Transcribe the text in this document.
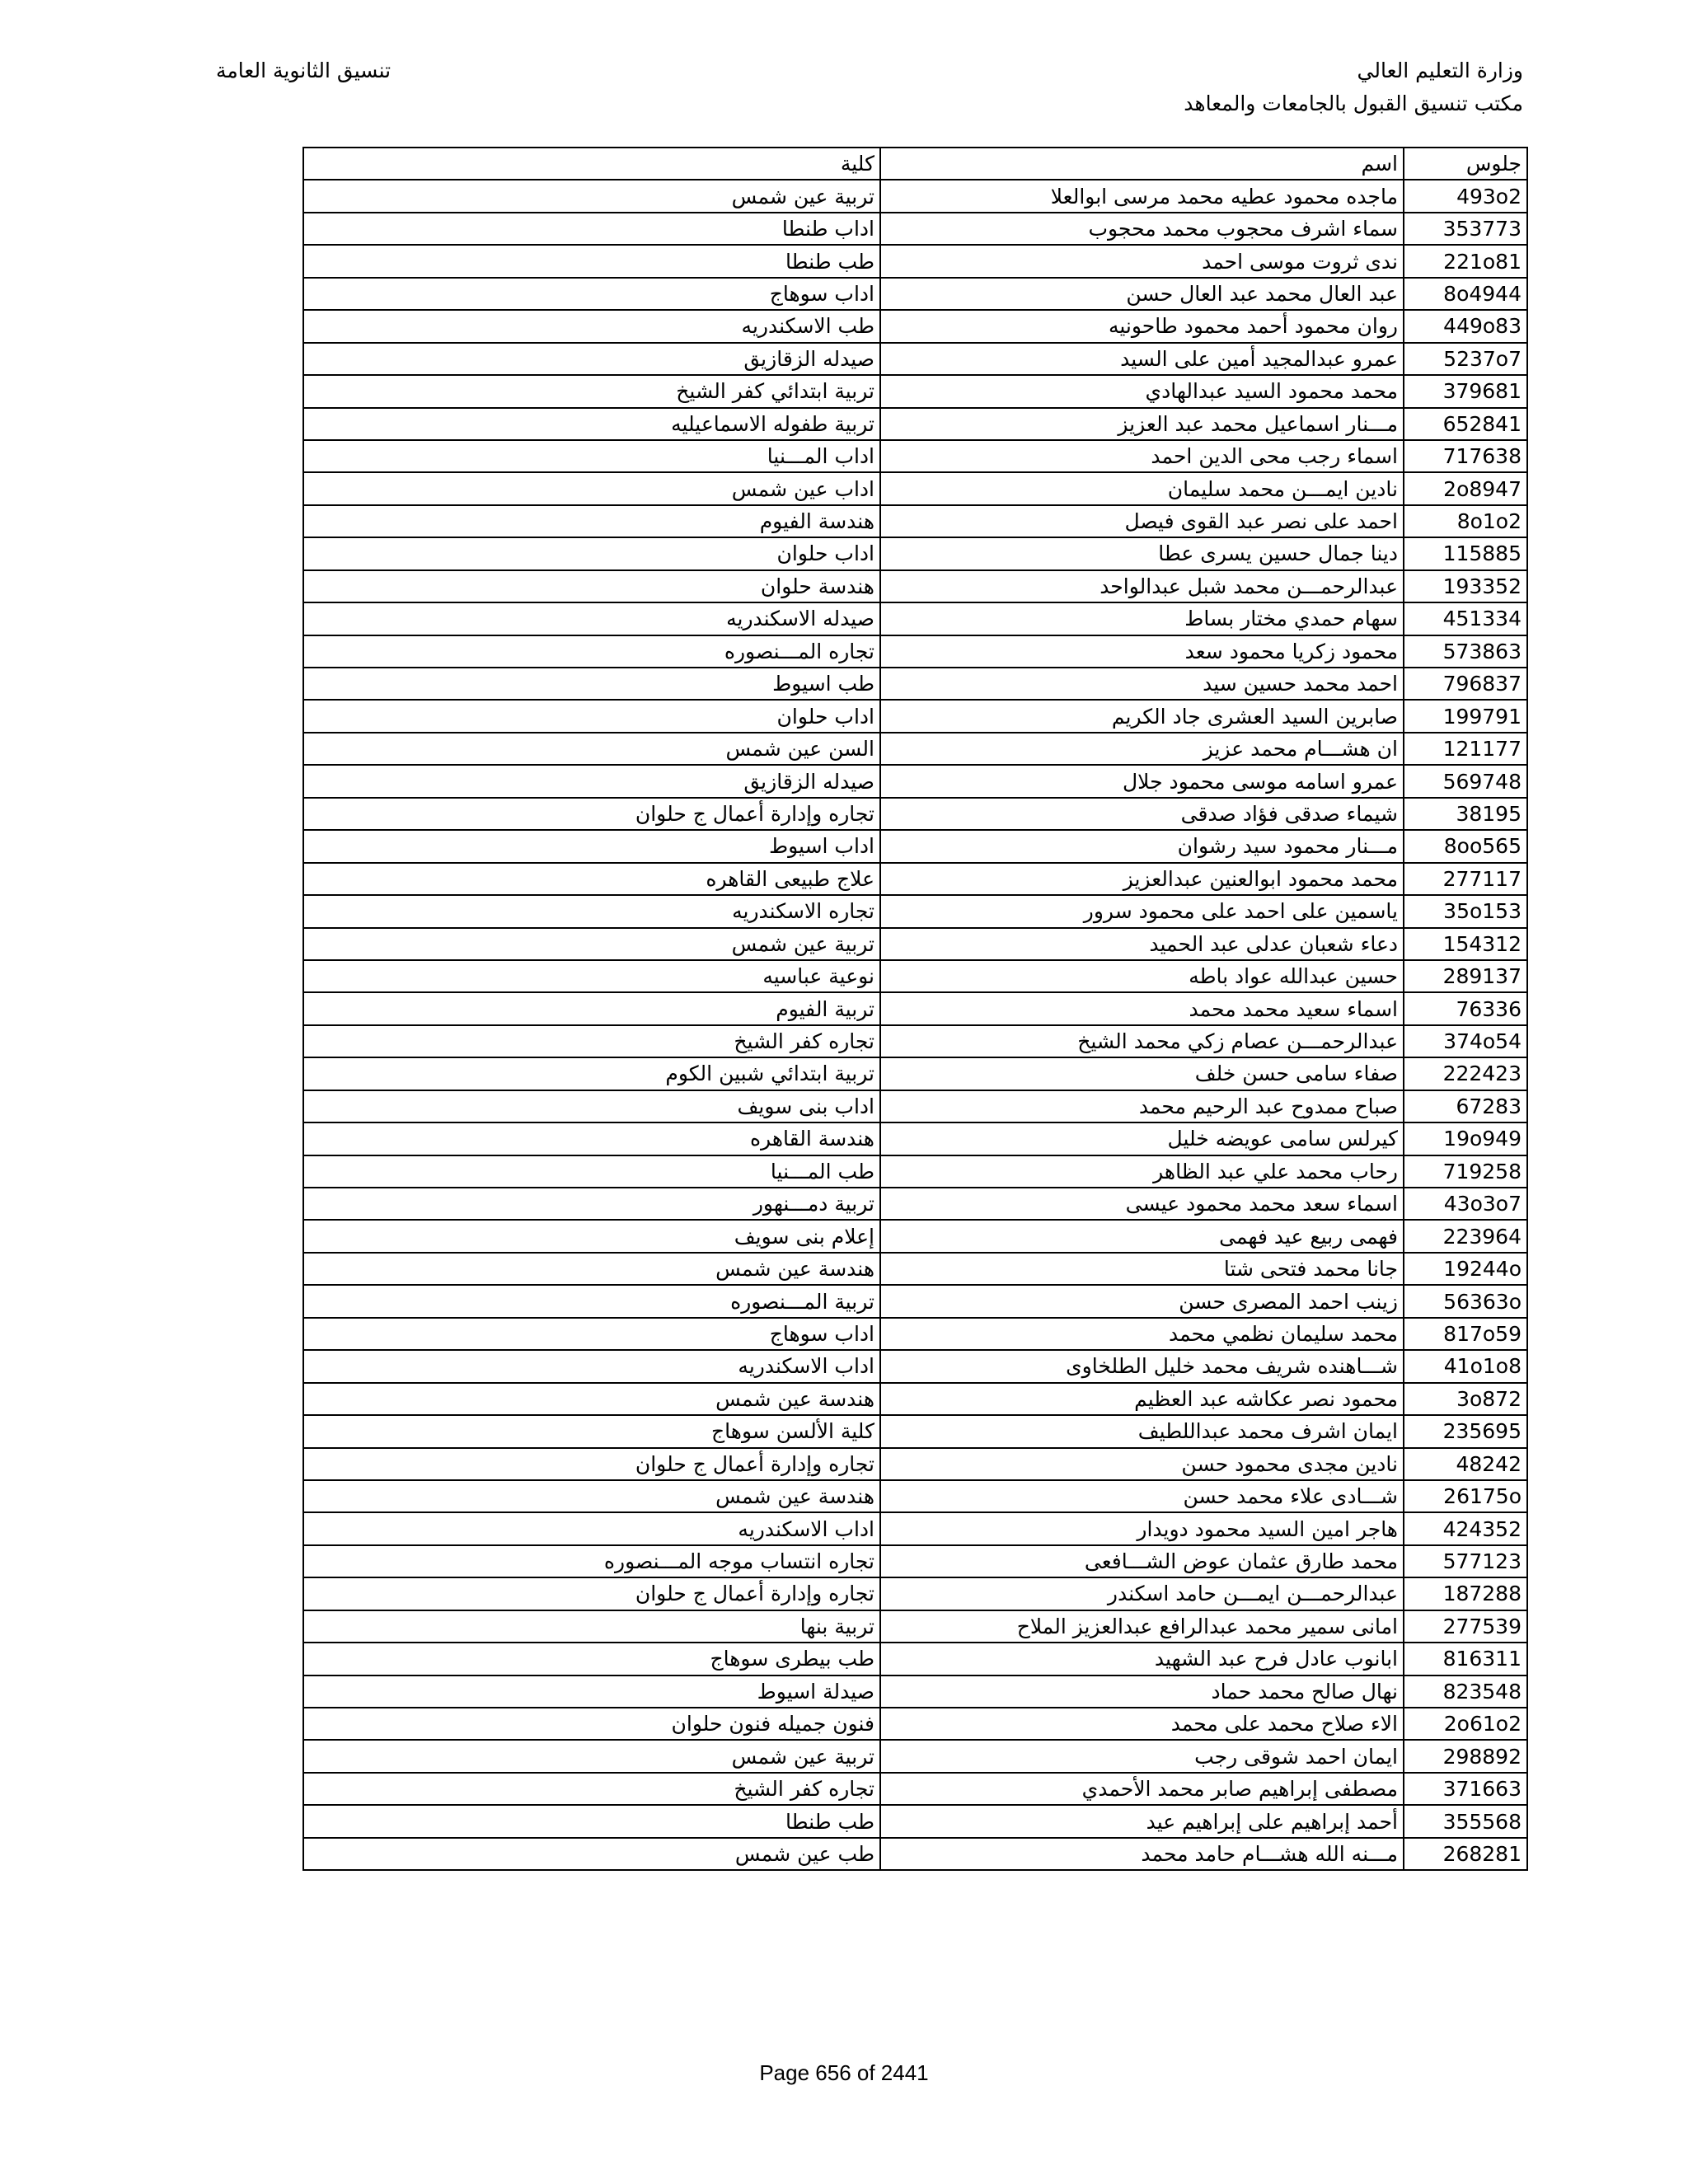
وزارة التعليم العالي
مكتب تنسيق القبول بالجامعات والمعاهد
تنسيق الثانوية العامة
جلوس	اسم	كلية
493o2	ماجده محمود عطيه محمد مرسى ابوالعلا	تربية عين شمس
353773	سماء اشرف محجوب محمد محجوب	اداب طنطا
221o81	ندى ثروت موسى احمد	طب طنطا
8o4944	عبد العال محمد عبد العال حسن	اداب سوهاج
449o83	روان محمود أحمد محمود طاحونيه	طب الاسكندريه
5237o7	عمرو عبدالمجيد أمين على السيد	صيدله الزقازيق
379681	محمد محمود السيد عبدالهادي	تربية ابتدائي كفر الشيخ
652841	مـــنار اسماعيل محمد عبد العزيز	تربية طفوله الاسماعيليه
717638	اسماء رجب محى الدين احمد	اداب المـــنيا
2o8947	نادين ايمـــن محمد سليمان	اداب عين شمس
8o1o2	احمد على نصر عبد القوى فيصل	هندسة الفيوم
115885	دينا جمال حسين يسرى عطا	اداب حلوان
193352	عبدالرحمـــن محمد شبل عبدالواحد	هندسة حلوان
451334	سهام حمدي مختار بساط	صيدله الاسكندريه
573863	محمود زكريا محمود سعد	تجاره المـــنصوره
796837	احمد محمد حسين سيد	طب اسيوط
199791	صابرين السيد العشرى جاد الكريم	اداب حلوان
121177	ان هشـــام محمد عزيز	السن عين شمس
569748	عمرو اسامه موسى محمود جلال	صيدله الزقازيق
38195	شيماء صدقى فؤاد صدقى	تجاره وإدارة أعمال ج حلوان
8oo565	مـــنار محمود سيد رشوان	اداب اسيوط
277117	محمد محمود ابوالعنين عبدالعزيز	علاج طبيعى القاهره
35o153	ياسمين على احمد على محمود سرور	تجاره الاسكندريه
154312	دعاء شعبان عدلى عبد الحميد	تربية عين شمس
289137	حسين عبدالله عواد باطه	نوعية عباسيه
76336	اسماء سعيد محمد محمد	تربية الفيوم
374o54	عبدالرحمـــن عصام زكي محمد الشيخ	تجاره كفر الشيخ
222423	صفاء سامى حسن خلف	تربية ابتدائي شبين الكوم
67283	صباح ممدوح عبد الرحيم محمد	اداب بنى سويف
19o949	كيرلس سامى عويضه خليل	هندسة القاهره
719258	رحاب محمد علي عبد الظاهر	طب المـــنيا
43o3o7	اسماء سعد محمد محمود عيسى	تربية دمـــنهور
223964	فهمى ربيع عيد فهمى	إعلام بنى سويف
19244o	جانا محمد فتحى شتا	هندسة عين شمس
56363o	زينب احمد المصرى حسن	تربية المـــنصوره
817o59	محمد سليمان نظمي محمد	اداب سوهاج
41o1o8	شـــاهنده شريف محمد خليل الطلخاوى	اداب الاسكندريه
3o872	محمود نصر عكاشه عبد العظيم	هندسة عين شمس
235695	ايمان اشرف محمد عبداللطيف	كلية الألسن سوهاج
48242	نادين مجدى محمود حسن	تجاره وإدارة أعمال ج حلوان
26175o	شـــادى علاء محمد حسن	هندسة عين شمس
424352	هاجر امين السيد محمود دويدار	اداب الاسكندريه
577123	محمد طارق عثمان عوض الشـــافعى	تجاره انتساب موجه المـــنصوره
187288	عبدالرحمـــن ايمـــن حامد اسكندر	تجاره وإدارة أعمال ج حلوان
277539	امانى سمير محمد عبدالرافع عبدالعزيز الملاح	تربية بنها
816311	ابانوب عادل فرح عبد الشهيد	طب بيطرى سوهاج
823548	نهال صالح محمد حماد	صيدلة اسيوط
2o61o2	الاء صلاح محمد على محمد	فنون جميله فنون حلوان
298892	ايمان احمد شوقى رجب	تربية عين شمس
371663	مصطفى إبراهيم صابر محمد الأحمدي	تجاره كفر الشيخ
355568	أحمد إبراهيم على إبراهيم عيد	طب طنطا
268281	مـــنه الله هشـــام حامد محمد	طب عين شمس
Page 656 of 2441
